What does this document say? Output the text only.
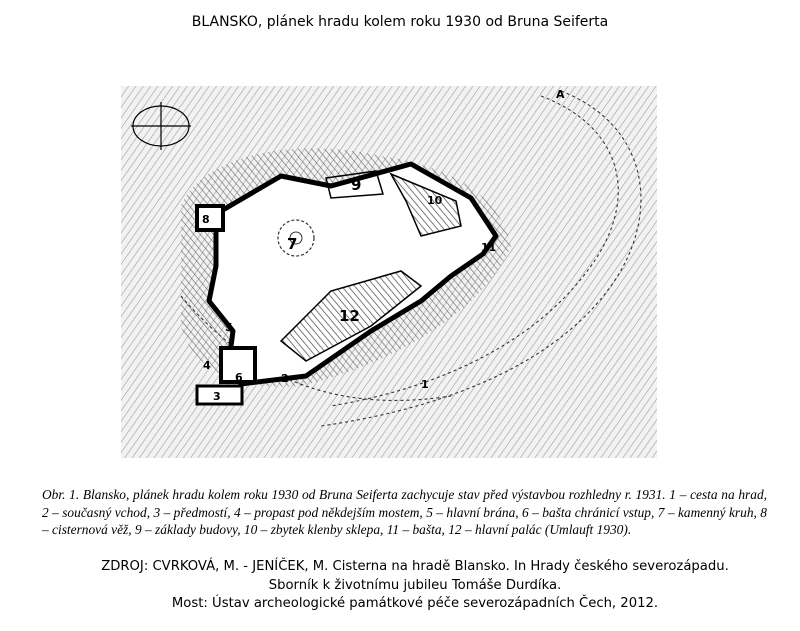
BLANSKO, plánek hradu kolem roku 1930 od Bruna Seiferta
7
8
9
10
11
12
5
4
6
3
2	1
A
Obr. 1. Blansko, plánek hradu kolem roku 1930 od Bruna Seiferta zachycuje stav před výstavbou rozhledny r. 1931. 1 – cesta na hrad, 2 – současný vchod, 3 – předmostí, 4 – propast pod někdejším mostem, 5 – hlavní brána, 6 – bašta chránicí vstup, 7 – kamenný kruh, 8 – cisternová věž, 9 – základy budovy, 10 – zbytek klenby sklepa, 11 – bašta, 12 – hlavní palác (Umlauft 1930).
ZDROJ: CVRKOVÁ, M. - JENÍČEK, M. Cisterna na hradě Blansko. In Hrady českého severozápadu.
Sborník k životnímu jubileu Tomáše Durdíka.
Most: Ústav archeologické památkové péče severozápadních Čech, 2012.
